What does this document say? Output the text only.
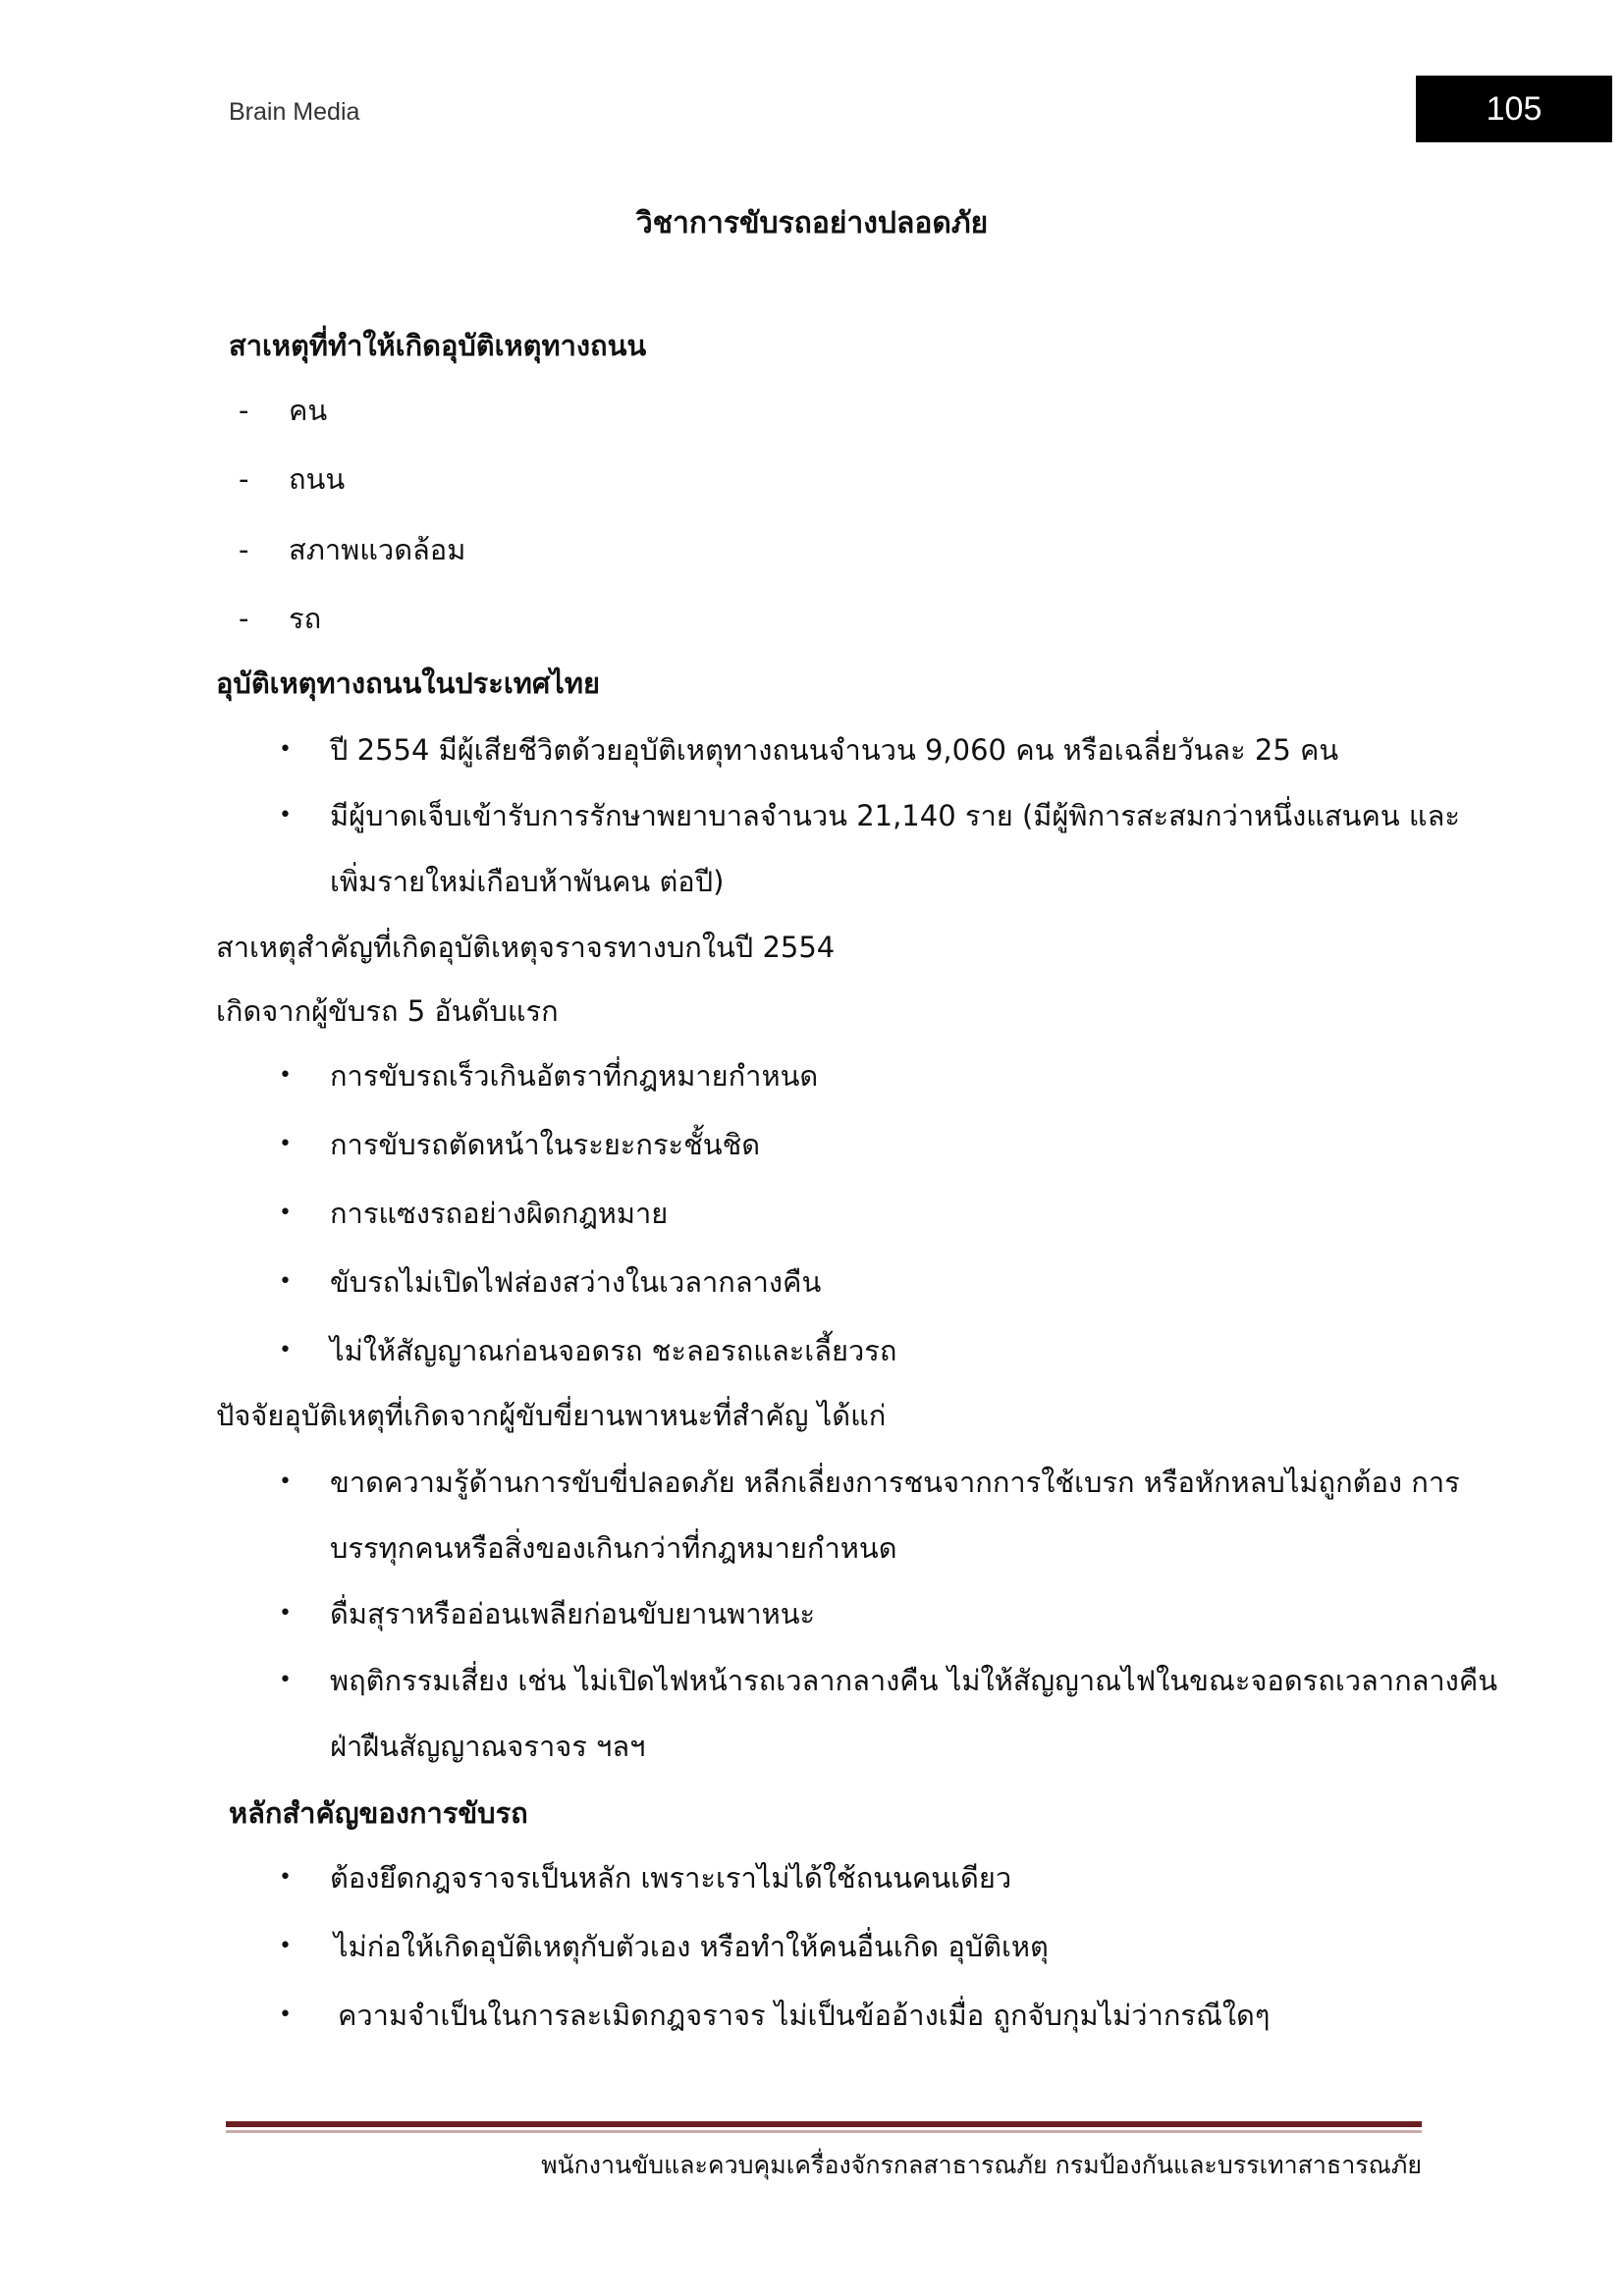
Brain Media	105
วิชาการขับรถอย่างปลอดภัย
สาเหตุที่ทำให้เกิดอุบัติเหตุทางถนน
- คน
- ถนน
- สภาพแวดล้อม
- รถ
อุบัติเหตุทางถนนในประเทศไทย
• ปี 2554 มีผู้เสียชีวิตด้วยอุบัติเหตุทางถนนจำนวน 9,060 คน หรือเฉลี่ยวันละ 25 คน
• มีผู้บาดเจ็บเข้ารับการรักษาพยาบาลจำนวน 21,140 ราย (มีผู้พิการสะสมกว่าหนึ่งแสนคน และ
เพิ่มรายใหม่เกือบห้าพันคน ต่อปี)
สาเหตุสำคัญที่เกิดอุบัติเหตุจราจรทางบกในปี 2554
เกิดจากผู้ขับรถ 5 อันดับแรก
• การขับรถเร็วเกินอัตราที่กฎหมายกำหนด
• การขับรถตัดหน้าในระยะกระชั้นชิด
• การแซงรถอย่างผิดกฎหมาย
• ขับรถไม่เปิดไฟส่องสว่างในเวลากลางคืน
• ไม่ให้สัญญาณก่อนจอดรถ ชะลอรถและเลี้ยวรถ
ปัจจัยอุบัติเหตุที่เกิดจากผู้ขับขี่ยานพาหนะที่สำคัญ ได้แก่
• ขาดความรู้ด้านการขับขี่ปลอดภัย หลีกเลี่ยงการชนจากการใช้เบรก หรือหักหลบไม่ถูกต้อง การ
บรรทุกคนหรือสิ่งของเกินกว่าที่กฎหมายกำหนด
• ดื่มสุราหรืออ่อนเพลียก่อนขับยานพาหนะ
• พฤติกรรมเสี่ยง เช่น ไม่เปิดไฟหน้ารถเวลากลางคืน ไม่ให้สัญญาณไฟในขณะจอดรถเวลากลางคืน
ฝ่าฝืนสัญญาณจราจร ฯลฯ
หลักสำคัญของการขับรถ
• ต้องยึดกฎจราจรเป็นหลัก เพราะเราไม่ได้ใช้ถนนคนเดียว
• ไม่ก่อให้เกิดอุบัติเหตุกับตัวเอง หรือทำให้คนอื่นเกิด อุบัติเหตุ
• ความจำเป็นในการละเมิดกฎจราจร ไม่เป็นข้ออ้างเมื่อ ถูกจับกุมไม่ว่ากรณีใดๆ
พนักงานขับและควบคุมเครื่องจักรกลสาธารณภัย กรมป้องกันและบรรเทาสาธารณภัย
